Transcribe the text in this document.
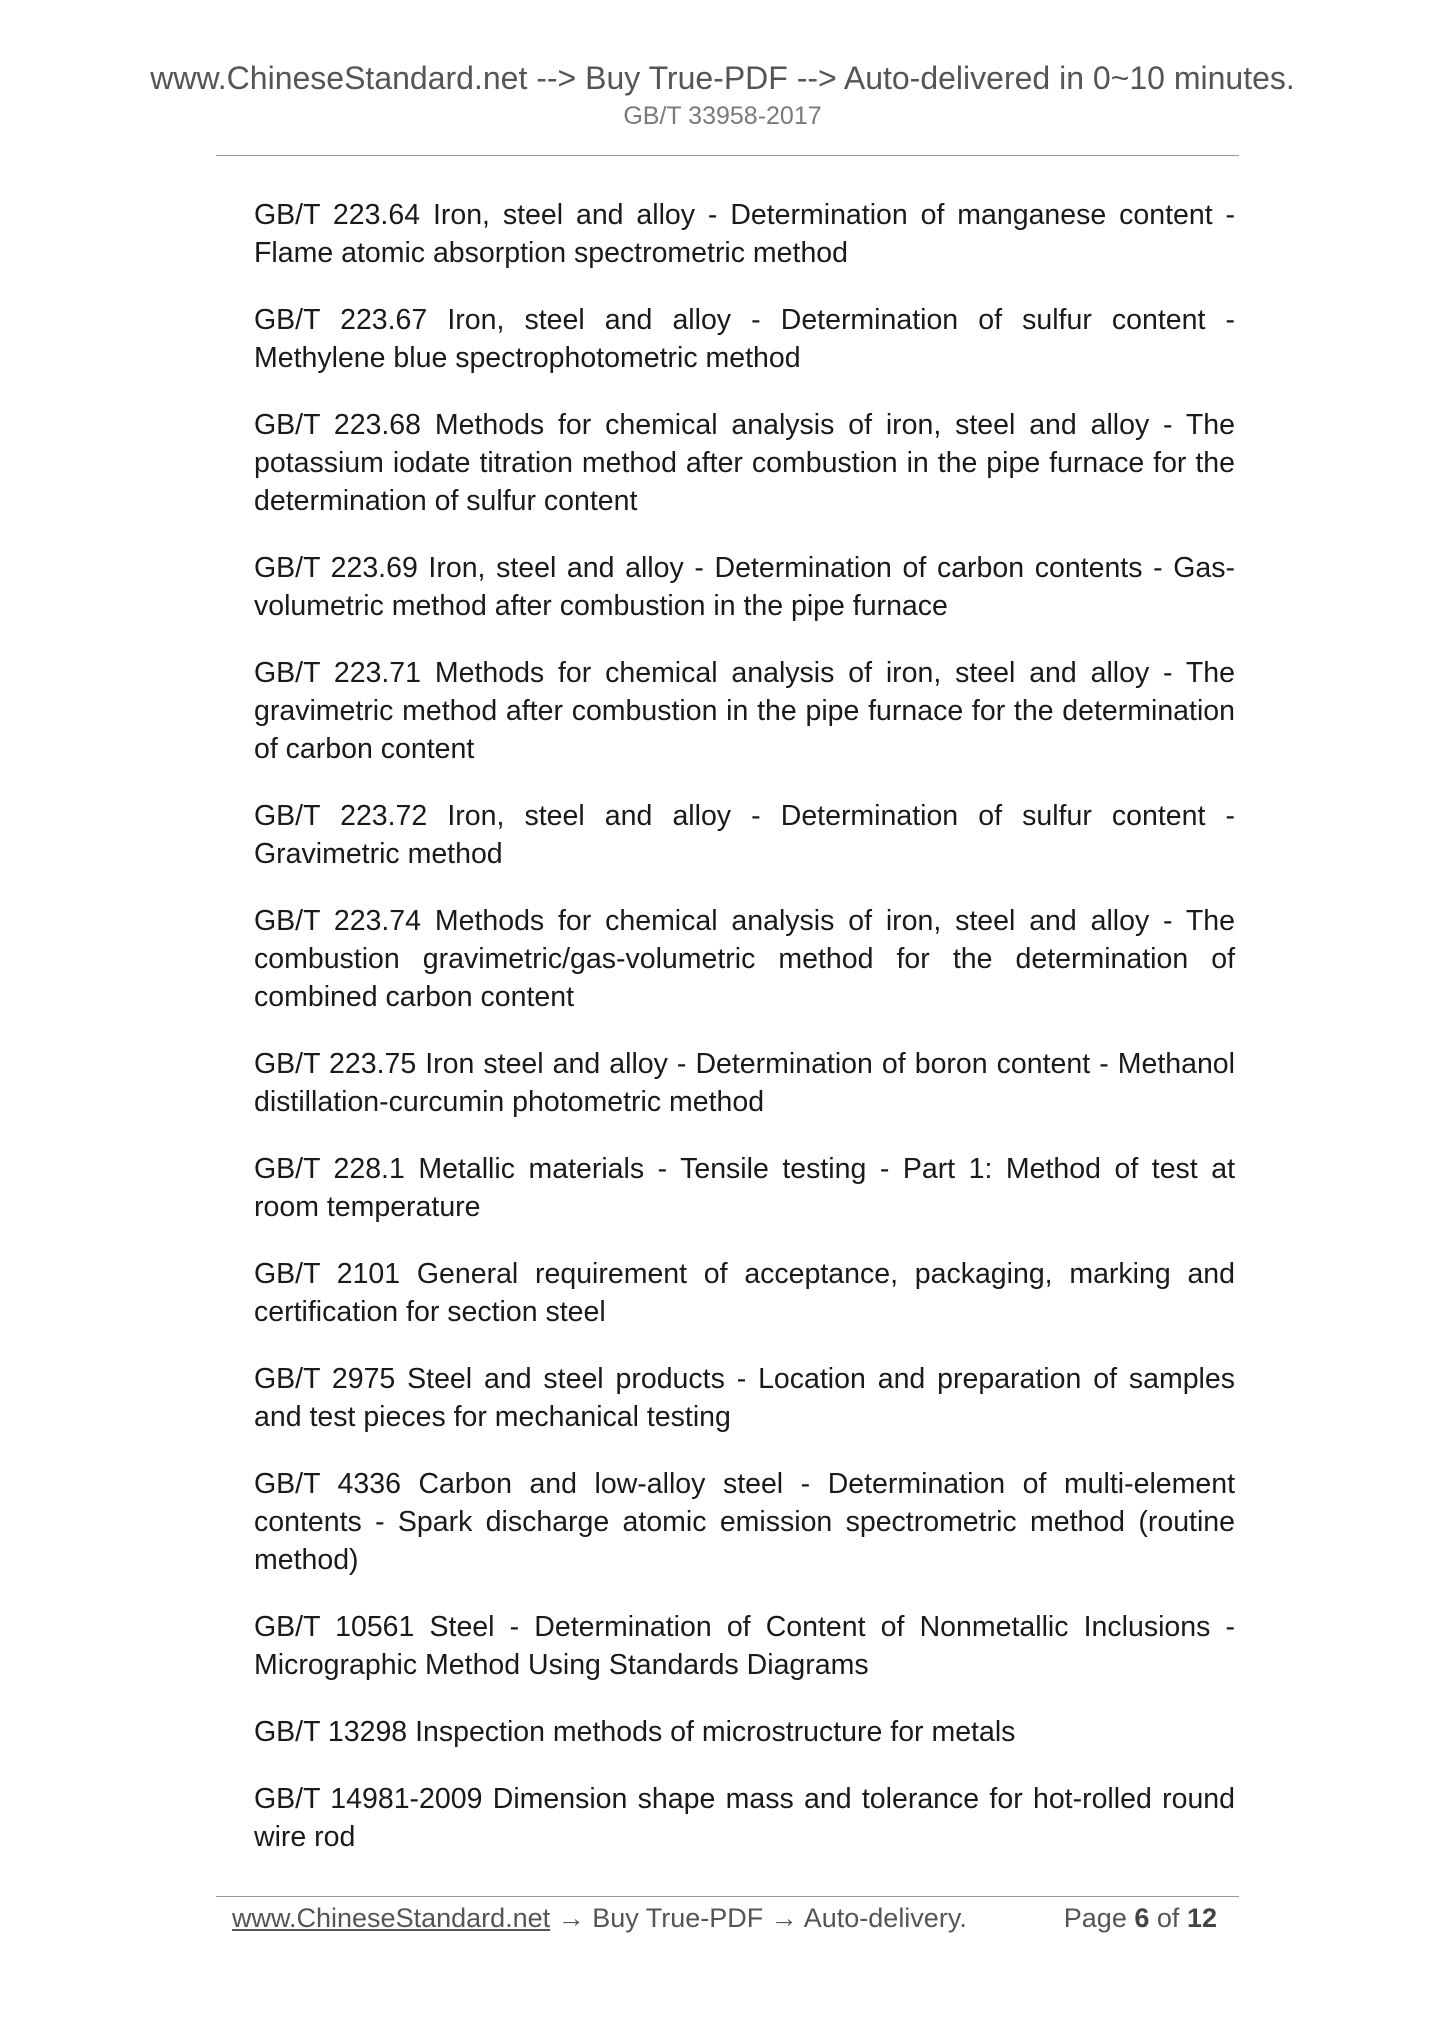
www.ChineseStandard.net --> Buy True-PDF --> Auto-delivered in 0~10 minutes.
GB/T 33958-2017
GB/T 223.64 Iron, steel and alloy - Determination of manganese content - Flame atomic absorption spectrometric method
GB/T 223.67 Iron, steel and alloy - Determination of sulfur content - Methylene blue spectrophotometric method
GB/T 223.68 Methods for chemical analysis of iron, steel and alloy - The potassium iodate titration method after combustion in the pipe furnace for the determination of sulfur content
GB/T 223.69 Iron, steel and alloy - Determination of carbon contents - Gas-volumetric method after combustion in the pipe furnace
GB/T 223.71 Methods for chemical analysis of iron, steel and alloy - The gravimetric method after combustion in the pipe furnace for the determination of carbon content
GB/T 223.72 Iron, steel and alloy - Determination of sulfur content - Gravimetric method
GB/T 223.74 Methods for chemical analysis of iron, steel and alloy - The combustion gravimetric/gas-volumetric method for the determination of combined carbon content
GB/T 223.75 Iron steel and alloy - Determination of boron content - Methanol distillation-curcumin photometric method
GB/T 228.1 Metallic materials - Tensile testing - Part 1: Method of test at room temperature
GB/T 2101 General requirement of acceptance, packaging, marking and certification for section steel
GB/T 2975 Steel and steel products - Location and preparation of samples and test pieces for mechanical testing
GB/T 4336 Carbon and low-alloy steel - Determination of multi-element contents - Spark discharge atomic emission spectrometric method (routine method)
GB/T 10561 Steel - Determination of Content of Nonmetallic Inclusions - Micrographic Method Using Standards Diagrams
GB/T 13298 Inspection methods of microstructure for metals
GB/T 14981-2009 Dimension shape mass and tolerance for hot-rolled round wire rod
www.ChineseStandard.net → Buy True-PDF → Auto-delivery.	Page 6 of 12
